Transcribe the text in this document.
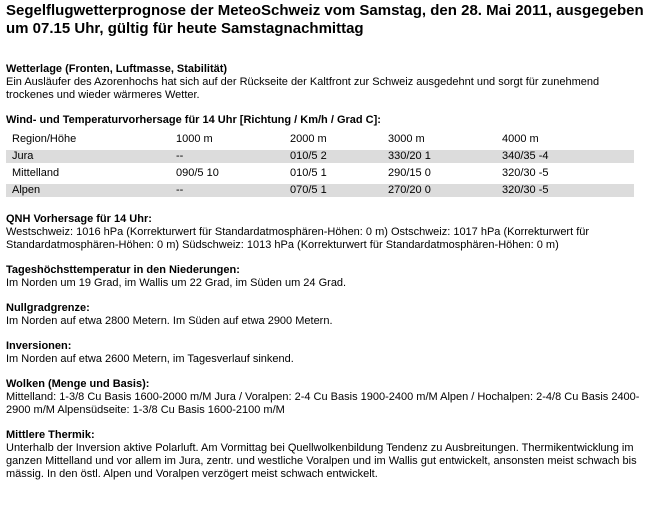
Segelflugwetterprognose der MeteoSchweiz vom Samstag, den 28. Mai 2011, ausgegeben um 07.15 Uhr, gültig für heute Samstagnachmittag

Wetterlage (Fronten, Luftmasse, Stabilität)

Ein Ausläufer des Azorenhochs hat sich auf der Rückseite der Kaltfront zur Schweiz ausgedehnt und sorgt für zunehmend trockenes und wieder wärmeres Wetter.

Wind- und Temperaturvorhersage für 14 Uhr [Richtung / Km/h / Grad C]:

Region/Höhe	1000 m	2000 m	3000 m	4000 m
Jura	--	010/5 2	330/20 1	340/35 -4
Mittelland	090/5 10	010/5 1	290/15 0	320/30 -5
Alpen	--	070/5 1	270/20 0	320/30 -5

QNH Vorhersage für 14 Uhr:

Westschweiz: 1016 hPa (Korrekturwert für Standardatmosphären-Höhen: 0 m) Ostschweiz: 1017 hPa (Korrekturwert für Standardatmosphären-Höhen: 0 m) Südschweiz: 1013 hPa (Korrekturwert für Standardatmosphären-Höhen: 0 m)

Tageshöchsttemperatur in den Niederungen:

Im Norden um 19 Grad, im Wallis um 22 Grad, im Süden um 24 Grad.

Nullgradgrenze:

Im Norden auf etwa 2800 Metern. Im Süden auf etwa 2900 Metern.

Inversionen:

Im Norden auf etwa 2600 Metern, im Tagesverlauf sinkend.

Wolken (Menge und Basis):

Mittelland: 1-3/8 Cu Basis 1600-2000 m/M Jura / Voralpen: 2-4 Cu Basis 1900-2400 m/M Alpen / Hochalpen: 2-4/8 Cu Basis 2400-2900 m/M Alpensüdseite: 1-3/8 Cu Basis 1600-2100 m/M

Mittlere Thermik:

Unterhalb der Inversion aktive Polarluft. Am Vormittag bei Quellwolkenbildung Tendenz zu Ausbreitungen. Thermikentwicklung im ganzen Mittelland und vor allem im Jura, zentr. und westliche Voralpen und im Wallis gut entwickelt, ansonsten meist schwach bis mässig. In den östl. Alpen und Voralpen verzögert meist schwach entwickelt.
